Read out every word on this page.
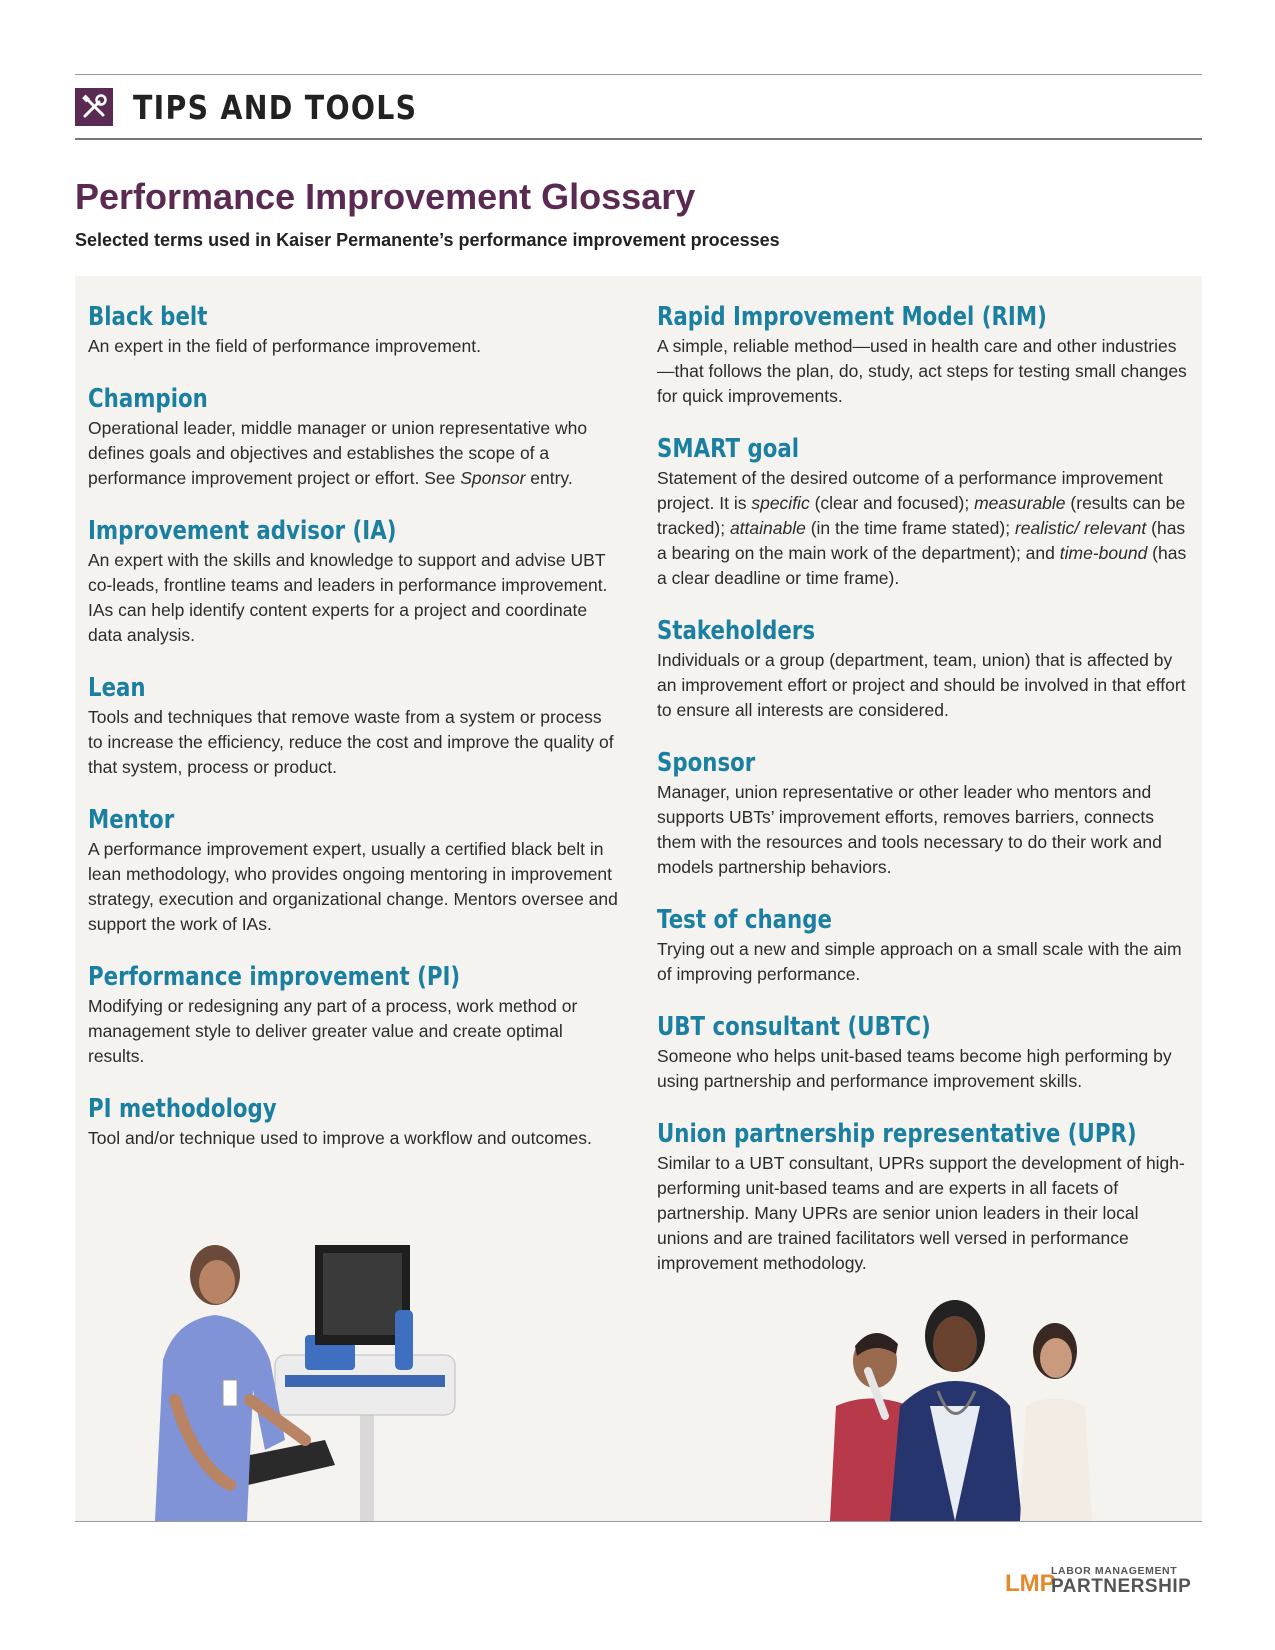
TIPS AND TOOLS
Performance Improvement Glossary

Selected terms used in Kaiser Permanente’s performance improvement processes

Black belt

An expert in the field of performance improvement.

Champion

Operational leader, middle manager or union representative who defines goals and objectives and establishes the scope of a performance improvement project or effort. See Sponsor entry.

Improvement advisor (IA)

An expert with the skills and knowledge to support and advise UBT co-leads, frontline teams and leaders in performance improvement. IAs can help identify content experts for a project and coordinate data analysis.

Lean

Tools and techniques that remove waste from a system or process to increase the efficiency, reduce the cost and improve the quality of that system, process or product.

Mentor

A performance improvement expert, usually a certified black belt in lean methodology, who provides ongoing mentoring in improvement strategy, execution and organizational change. Mentors oversee and support the work of IAs.

Performance improvement (PI)

Modifying or redesigning any part of a process, work method or management style to deliver greater value and create optimal results.

PI methodology

Tool and/or technique used to improve a workflow and outcomes.

Rapid Improvement Model (RIM)

A simple, reliable method—used in health care and other industries—that follows the plan, do, study, act steps for testing small changes for quick improvements.

SMART goal

Statement of the desired outcome of a performance improvement project. It is specific (clear and focused); measurable (results can be tracked); attainable (in the time frame stated); realistic/ relevant (has a bearing on the main work of the department); and time-bound (has a clear deadline or time frame).

Stakeholders

Individuals or a group (department, team, union) that is affected by an improvement effort or project and should be involved in that effort to ensure all interests are considered.

Sponsor

Manager, union representative or other leader who mentors and supports UBTs’ improvement efforts, removes barriers, connects them with the resources and tools necessary to do their work and models partnership behaviors.

Test of change

Trying out a new and simple approach on a small scale with the aim of improving performance.

UBT consultant (UBTC)

Someone who helps unit-based teams become high performing by using partnership and performance improvement skills.

Union partnership representative (UPR)

Similar to a UBT consultant, UPRs support the development of high-performing unit-based teams and are experts in all facets of partnership. Many UPRs are senior union leaders in their local unions and are trained facilitators well versed in performance improvement methodology.

LMP
LABOR MANAGEMENT
PARTNERSHIP
